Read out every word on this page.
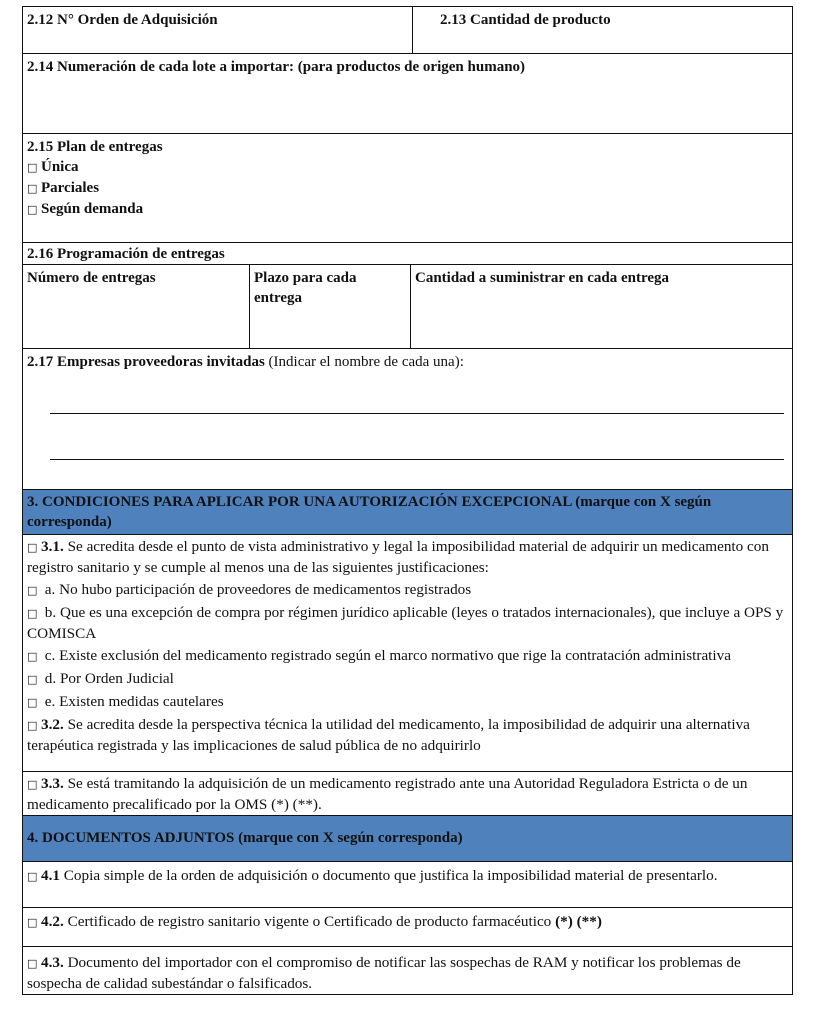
2.12 N° Orden de Adquisición	2.13 Cantidad de producto
2.14 Numeración de cada lote a importar: (para productos de origen humano)
2.15 Plan de entregas
□ Única
□ Parciales
□ Según demanda
2.16 Programación de entregas
Número de entregas	Plazo para cada entrega
Cantidad a suministrar en cada entrega
2.17 Empresas proveedoras invitadas (Indicar el nombre de cada una):
3. CONDICIONES PARA APLICAR POR UNA AUTORIZACIÓN EXCEPCIONAL (marque con X según corresponda)
□ 3.1. Se acredita desde el punto de vista administrativo y legal la imposibilidad material de adquirir un medicamento con registro sanitario y se cumple al menos una de las siguientes justificaciones:
□ a. No hubo participación de proveedores de medicamentos registrados
□ b. Que es una excepción de compra por régimen jurídico aplicable (leyes o tratados internacionales), que incluye a OPS y COMISCA
□ c. Existe exclusión del medicamento registrado según el marco normativo que rige la contratación administrativa
□ d. Por Orden Judicial
□ e. Existen medidas cautelares
□ 3.2. Se acredita desde la perspectiva técnica la utilidad del medicamento, la imposibilidad de adquirir una alternativa terapéutica registrada y las implicaciones de salud pública de no adquirirlo
□ 3.3. Se está tramitando la adquisición de un medicamento registrado ante una Autoridad Reguladora Estricta o de un medicamento precalificado por la OMS (*) (**).
4. DOCUMENTOS ADJUNTOS (marque con X según corresponda)
□ 4.1 Copia simple de la orden de adquisición o documento que justifica la imposibilidad material de presentarlo.
□ 4.2. Certificado de registro sanitario vigente o Certificado de producto farmacéutico (*) (**)
□ 4.3. Documento del importador con el compromiso de notificar las sospechas de RAM y notificar los problemas de sospecha de calidad subestándar o falsificados.
